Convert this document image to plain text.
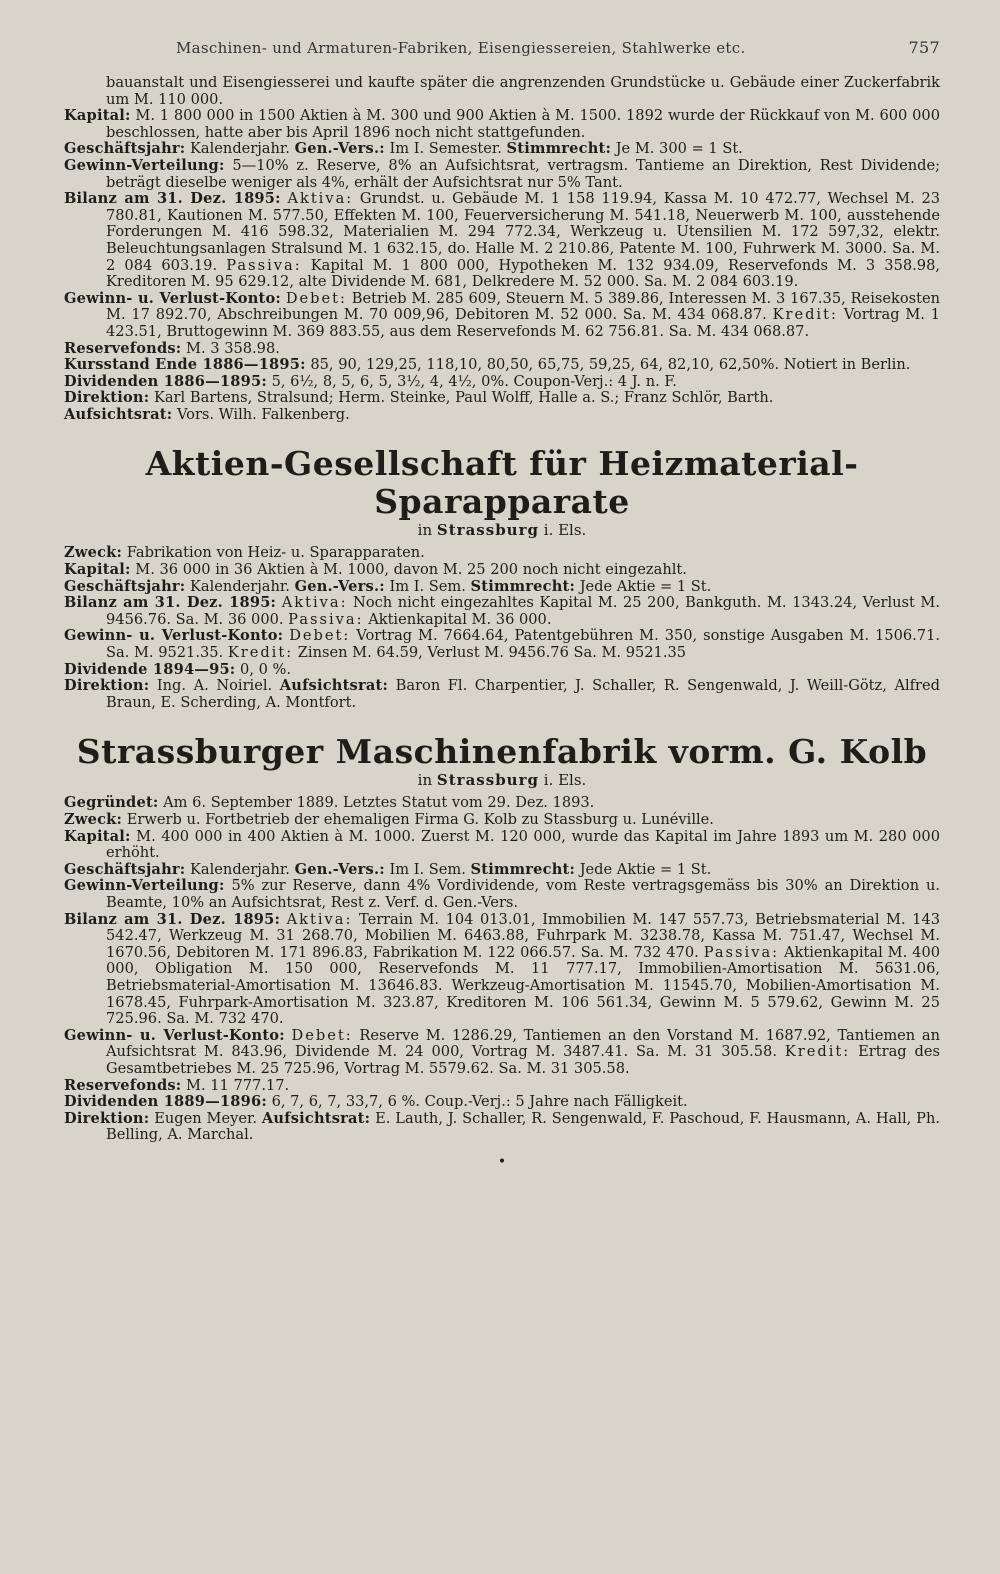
Maschinen- und Armaturen-Fabriken, Eisengiessereien, Stahlwerke etc.	757

bauanstalt und Eisengiesserei und kaufte später die angrenzenden Grundstücke u. Gebäude einer Zuckerfabrik um M. 110 000.

Kapital: M. 1 800 000 in 1500 Aktien à M. 300 und 900 Aktien à M. 1500. 1892 wurde der Rückkauf von M. 600 000 beschlossen, hatte aber bis April 1896 noch nicht stattgefunden.

Geschäftsjahr: Kalenderjahr. Gen.-Vers.: Im I. Semester. Stimmrecht: Je M. 300 = 1 St.

Gewinn-Verteilung: 5—10% z. Reserve, 8% an Aufsichtsrat, vertragsm. Tantieme an Direktion, Rest Dividende; beträgt dieselbe weniger als 4%, erhält der Aufsichtsrat nur 5% Tant.

Bilanz am 31. Dez. 1895: Aktiva: Grundst. u. Gebäude M. 1 158 119.94, Kassa M. 10 472.77, Wechsel M. 23 780.81, Kautionen M. 577.50, Effekten M. 100, Feuerversicherung M. 541.18, Neuerwerb M. 100, ausstehende Forderungen M. 416 598.32, Materialien M. 294 772.34, Werkzeug u. Utensilien M. 172 597,32, elektr. Beleuchtungsanlagen Stralsund M. 1 632.15, do. Halle M. 2 210.86, Patente M. 100, Fuhrwerk M. 3000. Sa. M. 2 084 603.19. Passiva: Kapital M. 1 800 000, Hypotheken M. 132 934.09, Reservefonds M. 3 358.98, Kreditoren M. 95 629.12, alte Dividende M. 681, Delkredere M. 52 000. Sa. M. 2 084 603.19.

Gewinn- u. Verlust-Konto: Debet: Betrieb M. 285 609, Steuern M. 5 389.86, Interessen M. 3 167.35, Reisekosten M. 17 892.70, Abschreibungen M. 70 009,96, Debitoren M. 52 000. Sa. M. 434 068.87. Kredit: Vortrag M. 1 423.51, Bruttogewinn M. 369 883.55, aus dem Reservefonds M. 62 756.81. Sa. M. 434 068.87.

Reservefonds: M. 3 358.98.

Kursstand Ende 1886—1895: 85, 90, 129,25, 118,10, 80,50, 65,75, 59,25, 64, 82,10, 62,50%. Notiert in Berlin.

Dividenden 1886—1895: 5, 6½, 8, 5, 6, 5, 3½, 4, 4½, 0%. Coupon-Verj.: 4 J. n. F.

Direktion: Karl Bartens, Stralsund; Herm. Steinke, Paul Wolff, Halle a. S.; Franz Schlör, Barth.

Aufsichtsrat: Vors. Wilh. Falkenberg.

Aktien-Gesellschaft für Heizmaterial-Sparapparate
in Strassburg i. Els.

Zweck: Fabrikation von Heiz- u. Sparapparaten.

Kapital: M. 36 000 in 36 Aktien à M. 1000, davon M. 25 200 noch nicht eingezahlt.

Geschäftsjahr: Kalenderjahr. Gen.-Vers.: Im I. Sem. Stimmrecht: Jede Aktie = 1 St.

Bilanz am 31. Dez. 1895: Aktiva: Noch nicht eingezahltes Kapital M. 25 200, Bankguth. M. 1343.24, Verlust M. 9456.76. Sa. M. 36 000. Passiva: Aktienkapital M. 36 000.

Gewinn- u. Verlust-Konto: Debet: Vortrag M. 7664.64, Patentgebühren M. 350, sonstige Ausgaben M. 1506.71. Sa. M. 9521.35. Kredit: Zinsen M. 64.59, Verlust M. 9456.76 Sa. M. 9521.35

Dividende 1894—95: 0, 0 %.

Direktion: Ing. A. Noiriel. Aufsichtsrat: Baron Fl. Charpentier, J. Schaller, R. Sengenwald, J. Weill-Götz, Alfred Braun, E. Scherding, A. Montfort.

Strassburger Maschinenfabrik vorm. G. Kolb
in Strassburg i. Els.

Gegründet: Am 6. September 1889. Letztes Statut vom 29. Dez. 1893.

Zweck: Erwerb u. Fortbetrieb der ehemaligen Firma G. Kolb zu Stassburg u. Lunéville.

Kapital: M. 400 000 in 400 Aktien à M. 1000. Zuerst M. 120 000, wurde das Kapital im Jahre 1893 um M. 280 000 erhöht.

Geschäftsjahr: Kalenderjahr. Gen.-Vers.: Im I. Sem. Stimmrecht: Jede Aktie = 1 St.

Gewinn-Verteilung: 5% zur Reserve, dann 4% Vordividende, vom Reste vertragsgemäss bis 30% an Direktion u. Beamte, 10% an Aufsichtsrat, Rest z. Verf. d. Gen.-Vers.

Bilanz am 31. Dez. 1895: Aktiva: Terrain M. 104 013.01, Immobilien M. 147 557.73, Betriebsmaterial M. 143 542.47, Werkzeug M. 31 268.70, Mobilien M. 6463.88, Fuhrpark M. 3238.78, Kassa M. 751.47, Wechsel M. 1670.56, Debitoren M. 171 896.83, Fabrikation M. 122 066.57. Sa. M. 732 470. Passiva: Aktienkapital M. 400 000, Obligation M. 150 000, Reservefonds M. 11 777.17, Immobilien-Amortisation M. 5631.06, Betriebsmaterial-Amortisation M. 13646.83. Werkzeug-Amortisation M. 11545.70, Mobilien-Amortisation M. 1678.45, Fuhrpark-Amortisation M. 323.87, Kreditoren M. 106 561.34, Gewinn M. 5 579.62, Gewinn M. 25 725.96. Sa. M. 732 470.

Gewinn- u. Verlust-Konto: Debet: Reserve M. 1286.29, Tantiemen an den Vorstand M. 1687.92, Tantiemen an Aufsichtsrat M. 843.96, Dividende M. 24 000, Vortrag M. 3487.41. Sa. M. 31 305.58. Kredit: Ertrag des Gesamtbetriebes M. 25 725.96, Vortrag M. 5579.62. Sa. M. 31 305.58.

Reservefonds: M. 11 777.17.

Dividenden 1889—1896: 6, 7, 6, 7, 33,7, 6 %. Coup.-Verj.: 5 Jahre nach Fälligkeit.

Direktion: Eugen Meyer. Aufsichtsrat: E. Lauth, J. Schaller, R. Sengenwald, F. Paschoud, F. Hausmann, A. Hall, Ph. Belling, A. Marchal.

•
